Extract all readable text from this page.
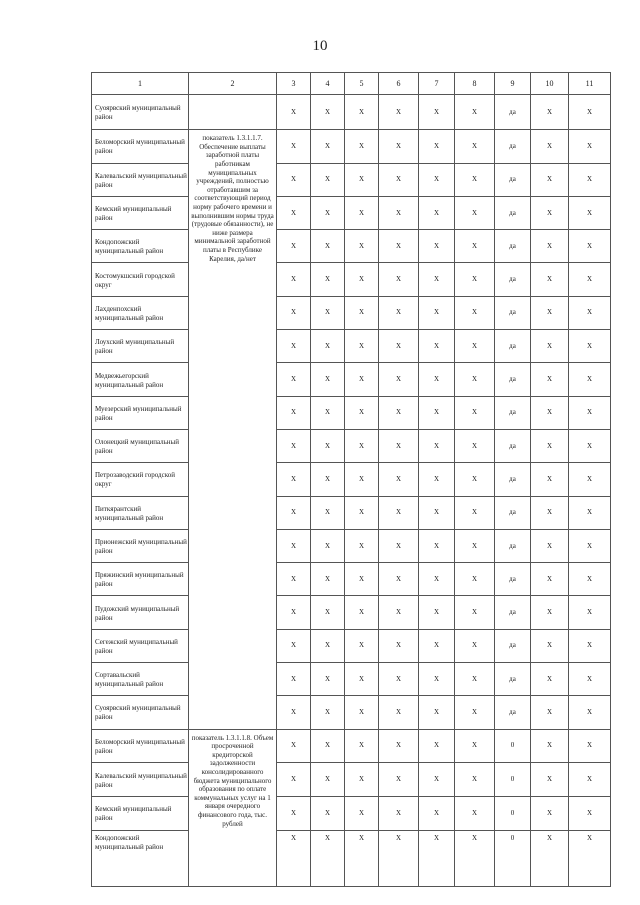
10
1	2	3	4	5	6	7	8	9	10	11
Суоярвский муниципальный район		Х	Х	Х	Х	Х	Х	да	Х	Х
Беломорский муниципальный район	показатель 1.3.1.1.7. Обеспечение выплаты заработной платы работникам муниципальных учреждений, полностью отработавшим за соответствующий период норму рабочего времени и выполнившим нормы труда (трудовые обязанности), не ниже размера минимальной заработной платы в Республике Карелия, да/нет	Х	Х	Х	Х	Х	Х	да	Х	Х
Калевальский муниципальный район		Х	Х	Х	Х	Х	Х	да	Х	Х
Кемский муниципальный район		Х	Х	Х	Х	Х	Х	да	Х	Х
Кондопожский муниципальный район		Х	Х	Х	Х	Х	Х	да	Х	Х
Костомукшский городской округ		Х	Х	Х	Х	Х	Х	да	Х	Х
Лахденпохский муниципальный район		Х	Х	Х	Х	Х	Х	да	Х	Х
Лоухский муниципальный район		Х	Х	Х	Х	Х	Х	да	Х	Х
Медвежьегорский муниципальный район		Х	Х	Х	Х	Х	Х	да	Х	Х
Муезерский муниципальный район		Х	Х	Х	Х	Х	Х	да	Х	Х
Олонецкий муниципальный район		Х	Х	Х	Х	Х	Х	да	Х	Х
Петрозаводский городской округ		Х	Х	Х	Х	Х	Х	да	Х	Х
Питкярантский муниципальный район		Х	Х	Х	Х	Х	Х	да	Х	Х
Прионежский муниципальный район		Х	Х	Х	Х	Х	Х	да	Х	Х
Пряжинский муниципальный район		Х	Х	Х	Х	Х	Х	да	Х	Х
Пудожский муниципальный район		Х	Х	Х	Х	Х	Х	да	Х	Х
Сегежский муниципальный район		Х	Х	Х	Х	Х	Х	да	Х	Х
Сортавальский муниципальный район		Х	Х	Х	Х	Х	Х	да	Х	Х
Суоярвский муниципальный район		Х	Х	Х	Х	Х	Х	да	Х	Х
Беломорский муниципальный район	показатель 1.3.1.1.8. Объем просроченной кредиторской задолженности консолидированного бюджета муниципального образования по оплате коммунальных услуг на 1 января очередного финансового года, тыс. рублей	Х	Х	Х	Х	Х	Х	0	Х	Х
Калевальский муниципальный район		Х	Х	Х	Х	Х	Х	0	Х	Х
Кемский муниципальный район		Х	Х	Х	Х	Х	Х	0	Х	Х
Кондопожский муниципальный район		Х	Х	Х	Х	Х	Х	0	Х	Х
